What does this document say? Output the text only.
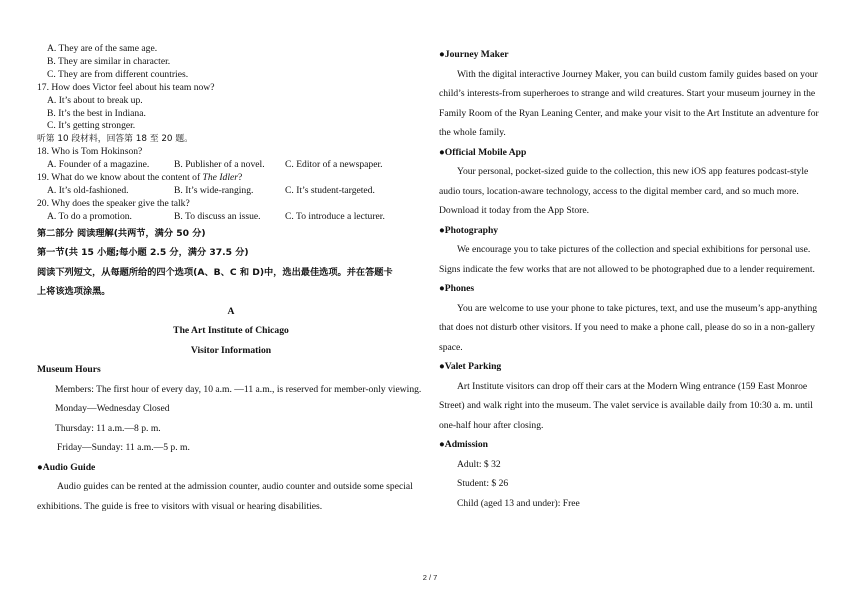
A. They are of the same age.
B. They are similar in character.
C. They are from different countries.
17. How does Victor feel about his team now?
A. It’s about to break up.
B. It’s the best in Indiana.
C. It’s getting stronger.
听第 10 段材料，回答第 18 至 20 题。
18. Who is Tom Hokinson?
A. Founder of a magazine.	B. Publisher of a novel.	C. Editor of a newspaper.
19. What do we know about the content of The Idler?
A. It’s old-fashioned.	B. It’s wide-ranging.	C. It’s student-targeted.
20. Why does the speaker give the talk?
A. To do a promotion.	B. To discuss an issue.	C. To introduce a lecturer.
第二部分 阅读理解(共两节，满分 50 分)
第一节(共 15 小题;每小题 2.5 分，满分 37.5 分)
阅读下列短文，从每题所给的四个选项(A、B、C 和 D)中，选出最佳选项。并在答题卡
上将该选项涂黑。
A
The Art Institute of Chicago
Visitor Information
Museum Hours
Members: The first hour of every day, 10 a.m. —11 a.m., is reserved for member-only viewing.
Monday—Wednesday Closed
Thursday: 11 a.m.—8 p. m.
Friday—Sunday: 11 a.m.—5 p. m.
●Audio Guide
Audio guides can be rented at the admission counter, audio counter and outside some special exhibitions. The guide is free to visitors with visual or hearing disabilities.
●Journey Maker
With the digital interactive Journey Maker, you can build custom family guides based on your child’s interests-from superheroes to strange and wild creatures. Start your museum journey in the Family Room of the Ryan Leaning Center, and make your visit to the Art Institute an adventure for the whole family.
●Official Mobile App
Your personal, pocket-sized guide to the collection, this new iOS app features podcast-style audio tours, location-aware technology, access to the digital member card, and so much more. Download it today from the App Store.
●Photography
We encourage you to take pictures of the collection and special exhibitions for personal use. Signs indicate the few works that are not allowed to be photographed due to a lender requirement.
●Phones
You are welcome to use your phone to take pictures, text, and use the museum’s app-anything that does not disturb other visitors. If you need to make a phone call, please do so in a non-gallery space.
●Valet Parking
Art Institute visitors can drop off their cars at the Modern Wing entrance (159 East Monroe Street) and walk right into the museum. The valet service is available daily from 10:30 a. m. until one-half hour after closing.
●Admission
Adult: $ 32
Student: $ 26
Child (aged 13 and under): Free
2 / 7
